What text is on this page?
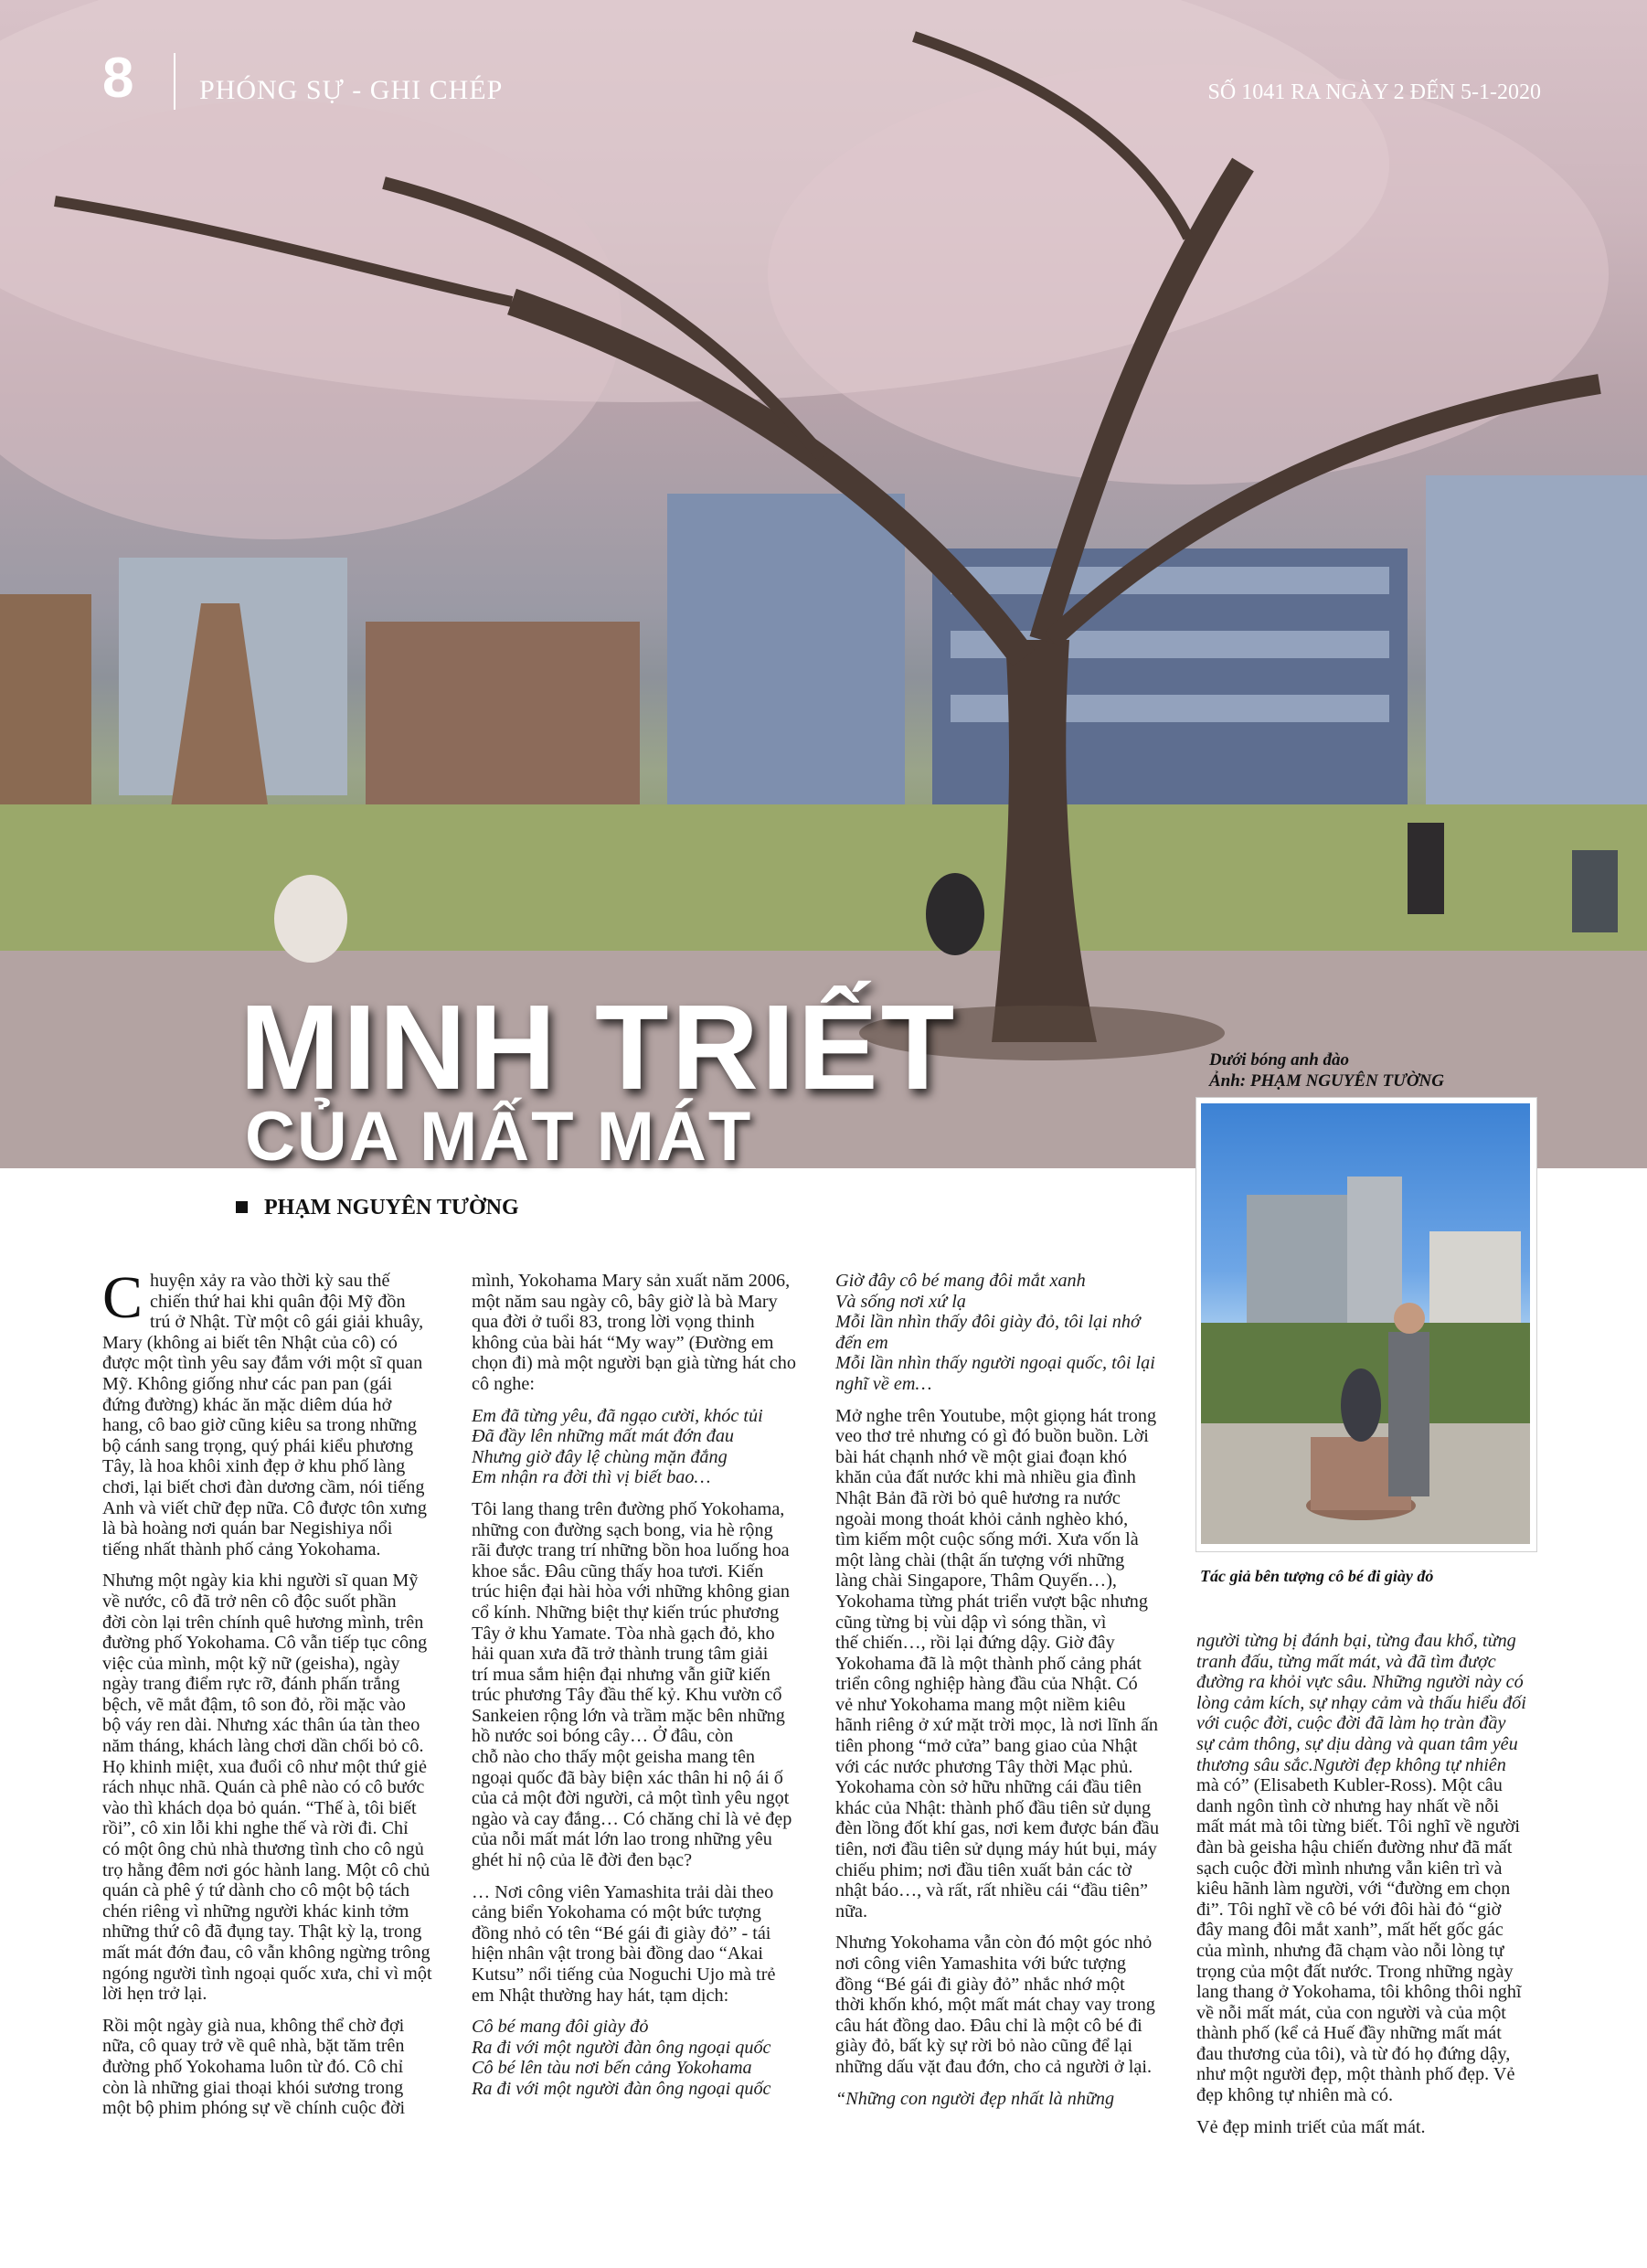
8 PHÓNG SỰ - GHI CHÉP	SỐ 1041 RA NGÀY 2 ĐẾN 5-1-2020
MINH TRIẾT
CỦA MẤT MÁT
Dưới bóng anh đào
Ảnh: PHẠM NGUYÊN TƯỜNG
Tác giả bên tượng cô bé đi giày đỏ
PHẠM NGUYÊN TƯỜNG
C huyện xảy ra vào thời kỳ sau thế
chiến thứ hai khi quân đội Mỹ đồn
trú ở Nhật. Từ một cô gái giải khuây,
Mary (không ai biết tên Nhật của cô) có
được một tình yêu say đắm với một sĩ quan
Mỹ. Không giống như các pan pan (gái
đứng đường) khác ăn mặc diêm dúa hở
hang, cô bao giờ cũng kiêu sa trong những
bộ cánh sang trọng, quý phái kiểu phương
Tây, là hoa khôi xinh đẹp ở khu phố làng
chơi, lại biết chơi đàn dương cầm, nói tiếng
Anh và viết chữ đẹp nữa. Cô được tôn xưng
là bà hoàng nơi quán bar Negishiya nổi
tiếng nhất thành phố cảng Yokohama.
Nhưng một ngày kia khi người sĩ quan Mỹ
về nước, cô đã trở nên cô độc suốt phần
đời còn lại trên chính quê hương mình, trên
đường phố Yokohama. Cô vẫn tiếp tục công
việc của mình, một kỹ nữ (geisha), ngày
ngày trang điểm rực rỡ, đánh phấn trắng
bệch, vẽ mắt đậm, tô son đỏ, rồi mặc vào
bộ váy ren dài. Nhưng xác thân úa tàn theo
năm tháng, khách làng chơi dần chối bỏ cô.
Họ khinh miệt, xua đuổi cô như một thứ giẻ
rách nhục nhã. Quán cà phê nào có cô bước
vào thì khách dọa bỏ quán. “Thế à, tôi biết
rồi”, cô xin lỗi khi nghe thế và rời đi. Chỉ
có một ông chủ nhà thương tình cho cô ngủ
trọ hằng đêm nơi góc hành lang. Một cô chủ
quán cà phê ý tứ dành cho cô một bộ tách
chén riêng vì những người khác kinh tởm
những thứ cô đã đụng tay. Thật kỳ lạ, trong
mất mát đớn đau, cô vẫn không ngừng trông
ngóng người tình ngoại quốc xưa, chỉ vì một
lời hẹn trở lại.
Rồi một ngày già nua, không thể chờ đợi
nữa, cô quay trở về quê nhà, bặt tăm trên
đường phố Yokohama luôn từ đó. Cô chỉ
còn là những giai thoại khói sương trong
một bộ phim phóng sự về chính cuộc đời
mình, Yokohama Mary sản xuất năm 2006,
một năm sau ngày cô, bây giờ là bà Mary
qua đời ở tuổi 83, trong lời vọng thinh
không của bài hát “My way” (Đường em
chọn đi) mà một người bạn già từng hát cho
cô nghe:
Em đã từng yêu, đã ngạo cười, khóc tủi
Đã đầy lên những mất mát đớn đau
Nhưng giờ đây lệ chùng mặn đắng
Em nhận ra đời thì vị biết bao…
Tôi lang thang trên đường phố Yokohama,
những con đường sạch bong, via hè rộng
rãi được trang trí những bồn hoa luống hoa
khoe sắc. Đâu cũng thấy hoa tươi. Kiến
trúc hiện đại hài hòa với những không gian
cổ kính. Những biệt thự kiến trúc phương
Tây ở khu Yamate. Tòa nhà gạch đỏ, kho
hải quan xưa đã trở thành trung tâm giải
trí mua sắm hiện đại nhưng vẫn giữ kiến
trúc phương Tây đầu thế kỷ. Khu vườn cổ
Sankeien rộng lớn và trầm mặc bên những
hồ nước soi bóng cây… Ở đâu, còn
chỗ nào cho thấy một geisha mang tên
ngoại quốc đã bày biện xác thân hi nộ ái ố
của cả một đời người, cả một tình yêu ngọt
ngào và cay đắng… Có chăng chỉ là vẻ đẹp
của nỗi mất mát lớn lao trong những yêu
ghét hỉ nộ của lẽ đời đen bạc?
… Nơi công viên Yamashita trải dài theo
cảng biển Yokohama có một bức tượng
đồng nhỏ có tên “Bé gái đi giày đỏ” - tái
hiện nhân vật trong bài đồng dao “Akai
Kutsu” nổi tiếng của Noguchi Ujo mà trẻ
em Nhật thường hay hát, tạm dịch:
Cô bé mang đôi giày đỏ
Ra đi với một người đàn ông ngoại quốc
Cô bé lên tàu nơi bến cảng Yokohama
Ra đi với một người đàn ông ngoại quốc
Giờ đây cô bé mang đôi mắt xanh
Và sống nơi xứ lạ
Mỗi lần nhìn thấy đôi giày đỏ, tôi lại nhớ
đến em
Mỗi lần nhìn thấy người ngoại quốc, tôi lại
nghĩ về em…
Mở nghe trên Youtube, một giọng hát trong
veo thơ trẻ nhưng có gì đó buồn buồn. Lời
bài hát chạnh nhớ về một giai đoạn khó
khăn của đất nước khi mà nhiều gia đình
Nhật Bản đã rời bỏ quê hương ra nước
ngoài mong thoát khỏi cảnh nghèo khó,
tìm kiếm một cuộc sống mới. Xưa vốn là
một làng chài (thật ấn tượng với những
làng chài Singapore, Thâm Quyến…),
Yokohama từng phát triển vượt bậc nhưng
cũng từng bị vùi dập vì sóng thần, vì
thế chiến…, rồi lại đứng dậy. Giờ đây
Yokohama đã là một thành phố cảng phát
triển công nghiệp hàng đầu của Nhật. Có
vẻ như Yokohama mang một niềm kiêu
hãnh riêng ở xứ mặt trời mọc, là nơi lĩnh ấn
tiên phong “mở cửa” bang giao của Nhật
với các nước phương Tây thời Mạc phủ.
Yokohama còn sở hữu những cái đầu tiên
khác của Nhật: thành phố đầu tiên sử dụng
đèn lồng đốt khí gas, nơi kem được bán đầu
tiên, nơi đầu tiên sử dụng máy hút bụi, máy
chiếu phim; nơi đầu tiên xuất bản các tờ
nhật báo…, và rất, rất nhiều cái “đầu tiên”
nữa.
Nhưng Yokohama vẫn còn đó một góc nhỏ
nơi công viên Yamashita với bức tượng
đồng “Bé gái đi giày đỏ” nhắc nhớ một
thời khốn khó, một mất mát chay vay trong
câu hát đồng dao. Đâu chỉ là một cô bé đi
giày đỏ, bất kỳ sự rời bỏ nào cũng để lại
những dấu vặt đau đớn, cho cả người ở lại.
“Những con người đẹp nhất là những
người từng bị đánh bại, từng đau khổ, từng
tranh đấu, từng mất mát, và đã tìm được
đường ra khỏi vực sâu. Những người này có
lòng cảm kích, sự nhạy cảm và thấu hiểu đối
với cuộc đời, cuộc đời đã làm họ tràn đầy
sự cảm thông, sự dịu dàng và quan tâm yêu
thương sâu sắc.Người đẹp không tự nhiên
mà có” (Elisabeth Kubler-Ross). Một câu
danh ngôn tình cờ nhưng hay nhất về nỗi
mất mát mà tôi từng biết. Tôi nghĩ về người
đàn bà geisha hậu chiến đường như đã mất
sạch cuộc đời mình nhưng vẫn kiên trì và
kiêu hãnh làm người, với “đường em chọn
đi”. Tôi nghĩ về cô bé với đôi hài đỏ “giờ
đây mang đôi mắt xanh”, mất hết gốc gác
của mình, nhưng đã chạm vào nỗi lòng tự
trọng của một đất nước. Trong những ngày
lang thang ở Yokohama, tôi không thôi nghĩ
về nỗi mất mát, của con người và của một
thành phố (kể cả Huế đầy những mất mát
đau thương của tôi), và từ đó họ đứng dậy,
như một người đẹp, một thành phố đẹp. Vẻ
đẹp không tự nhiên mà có.
Vẻ đẹp minh triết của mất mát.
